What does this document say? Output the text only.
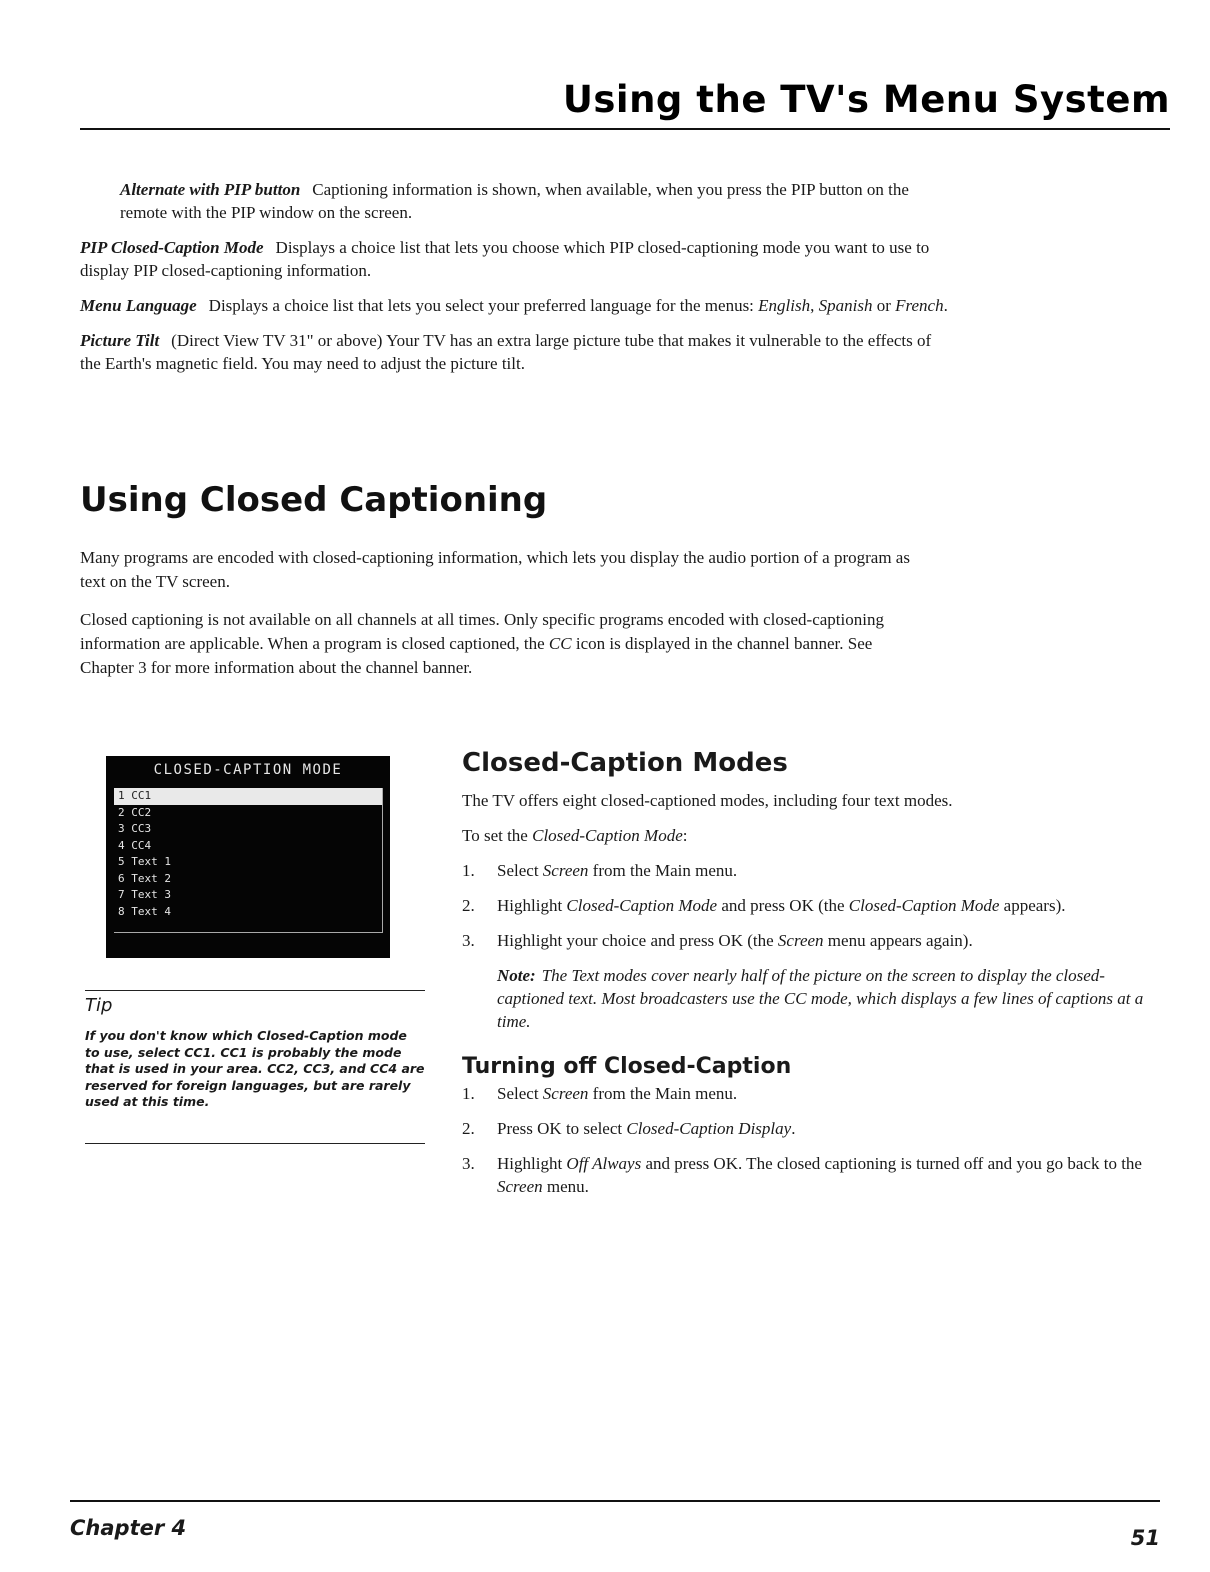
Using the TV's Menu System

Alternate with PIP button Captioning information is shown, when available, when you press the PIP button on the remote with the PIP window on the screen.

PIP Closed-Caption Mode Displays a choice list that lets you choose which PIP closed-captioning mode you want to use to display PIP closed-captioning information.

Menu Language Displays a choice list that lets you select your preferred language for the menus: English, Spanish or French.

Picture Tilt (Direct View TV 31" or above) Your TV has an extra large picture tube that makes it vulnerable to the effects of the Earth's magnetic field. You may need to adjust the picture tilt.

Using Closed Captioning

Many programs are encoded with closed-captioning information, which lets you display the audio portion of a program as text on the TV screen.

Closed captioning is not available on all channels at all times. Only specific programs encoded with closed-captioning information are applicable. When a program is closed captioned, the CC icon is displayed in the channel banner. See Chapter 3 for more information about the channel banner.

CLOSED-CAPTION MODE
1 CC1
2 CC2
3 CC3
4 CC4
5 Text 1
6 Text 2
7 Text 3
8 Text 4

Tip

If you don't know which Closed-Caption mode to use, select CC1. CC1 is probably the mode that is used in your area. CC2, CC3, and CC4 are reserved for foreign languages, but are rarely used at this time.

Closed-Caption Modes

The TV offers eight closed-captioned modes, including four text modes.

To set the Closed-Caption Mode:

1. Select Screen from the Main menu.
2. Highlight Closed-Caption Mode and press OK (the Closed-Caption Mode appears).
3. Highlight your choice and press OK (the Screen menu appears again).

Note: The Text modes cover nearly half of the picture on the screen to display the closed-captioned text. Most broadcasters use the CC mode, which displays a few lines of captions at a time.

Turning off Closed-Caption
1. Select Screen from the Main menu.
2. Press OK to select Closed-Caption Display.
3. Highlight Off Always and press OK. The closed captioning is turned off and you go back to the Screen menu.
Chapter 4	51
